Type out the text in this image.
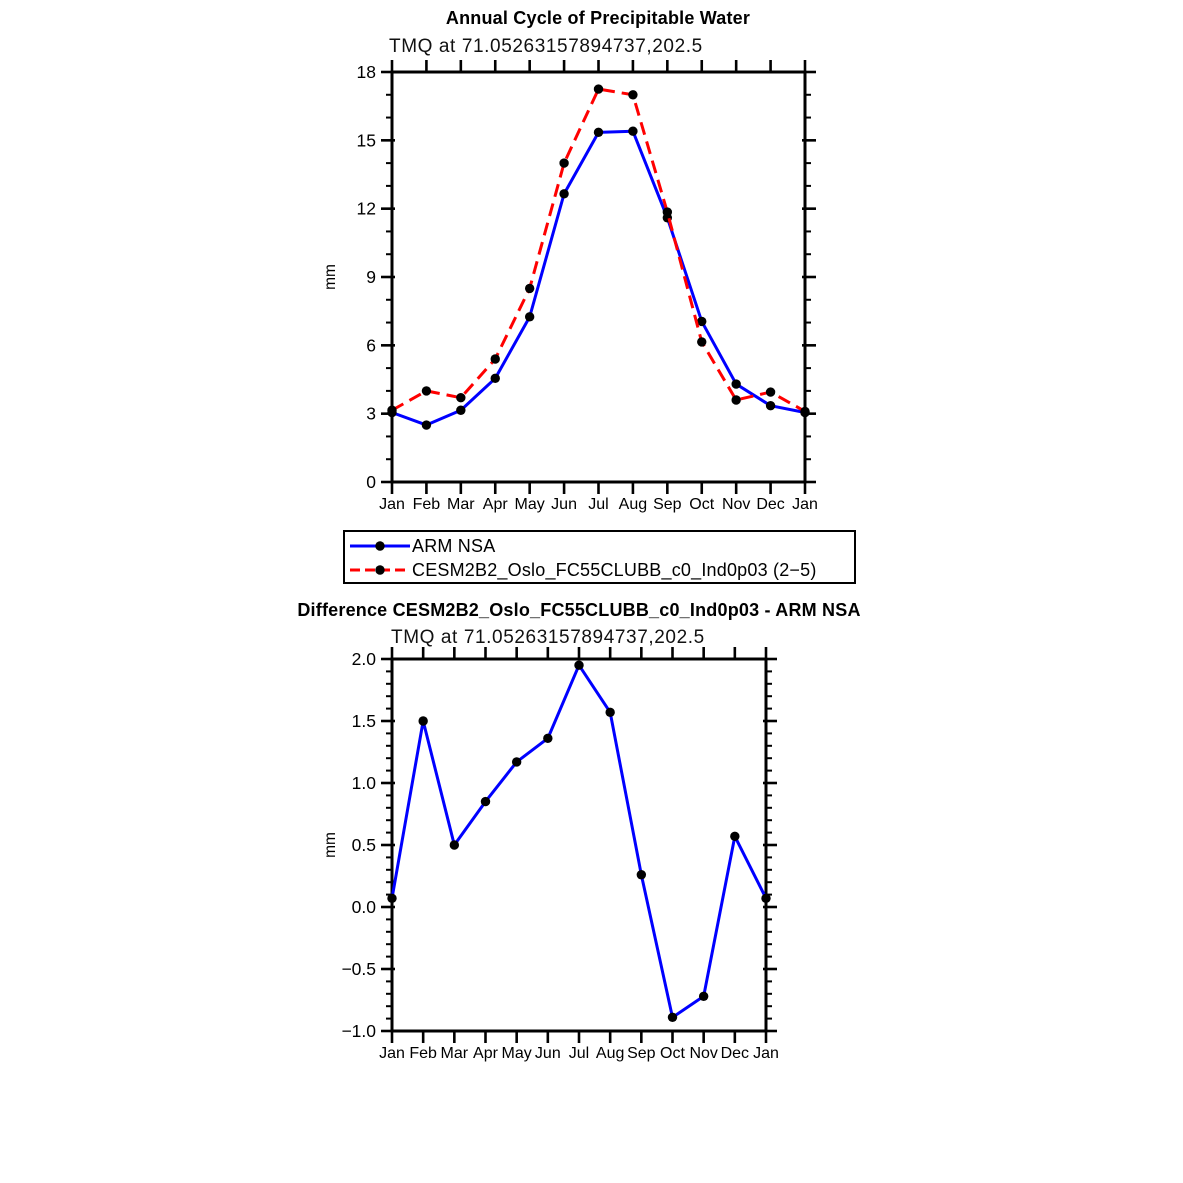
0
3
6
9
12
15
18
Jan Feb Mar Apr May Jun Jul Aug Sep Oct Nov Dec Jan
mm
−1.0
−0.5
0.0
0.5
1.0
1.5
2.0
Jan Feb Mar Apr May Jun Jul Aug Sep Oct Nov Dec Jan
mm
Annual Cycle of Precipitable Water
TMQ at 71.05263157894737,202.5
Difference CESM2B2_Oslo_FC55CLUBB_c0_Ind0p03 - ARM NSA
TMQ at 71.05263157894737,202.5
ARM NSA
CESM2B2_Oslo_FC55CLUBB_c0_Ind0p03 (2−5)
